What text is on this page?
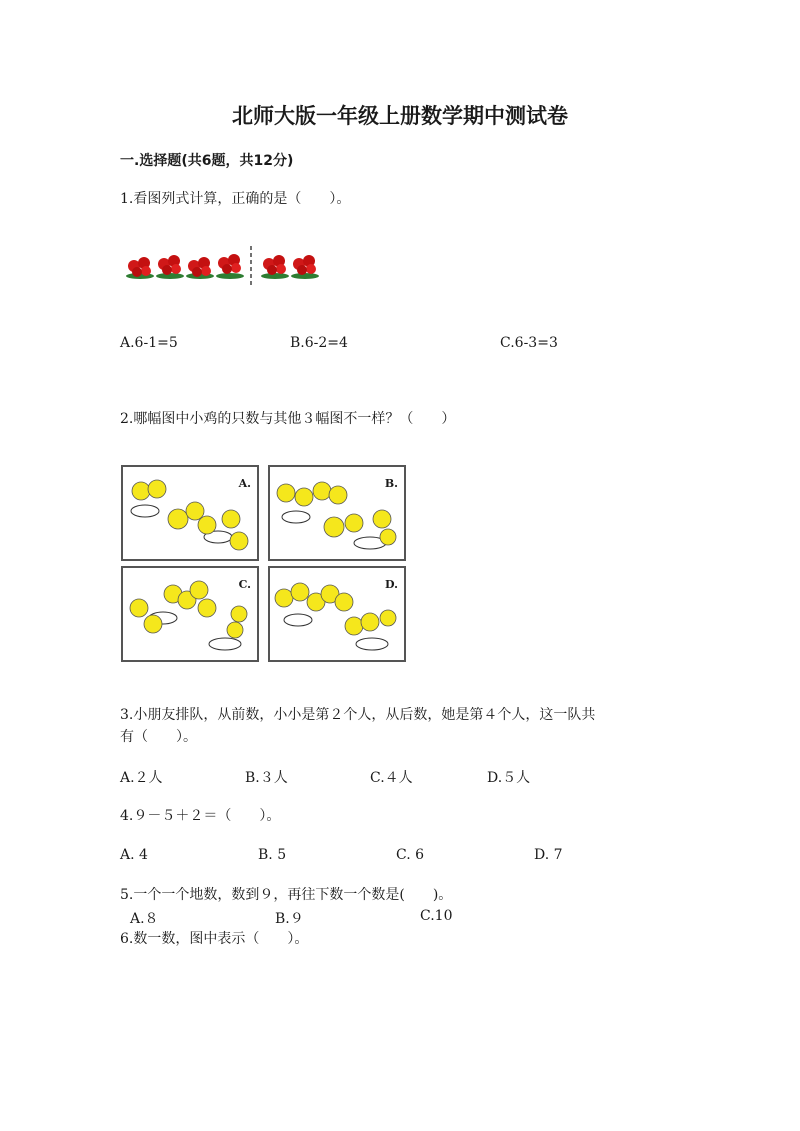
北师大版一年级上册数学期中测试卷
一.选择题(共6题，共12分)
1.看图列式计算，正确的是（　　）。
A.6-1=5	B.6-2=4	C.6-3=3
2.哪幅图中小鸡的只数与其他３幅图不一样？（　　）
A.	B.
C.	D.
3.小朋友排队，从前数，小小是第２个人，从后数，她是第４个人，这一队共
有（　　）。
A.２人	B.３人	C.４人	D.５人
4.９－５＋２＝（　　）。
A. 4	B. 5	C. 6	D. 7
5.一个一个地数，数到９，再往下数一个数是(　　)。
A.８	B.９	C.10
6.数一数，图中表示（　　）。
